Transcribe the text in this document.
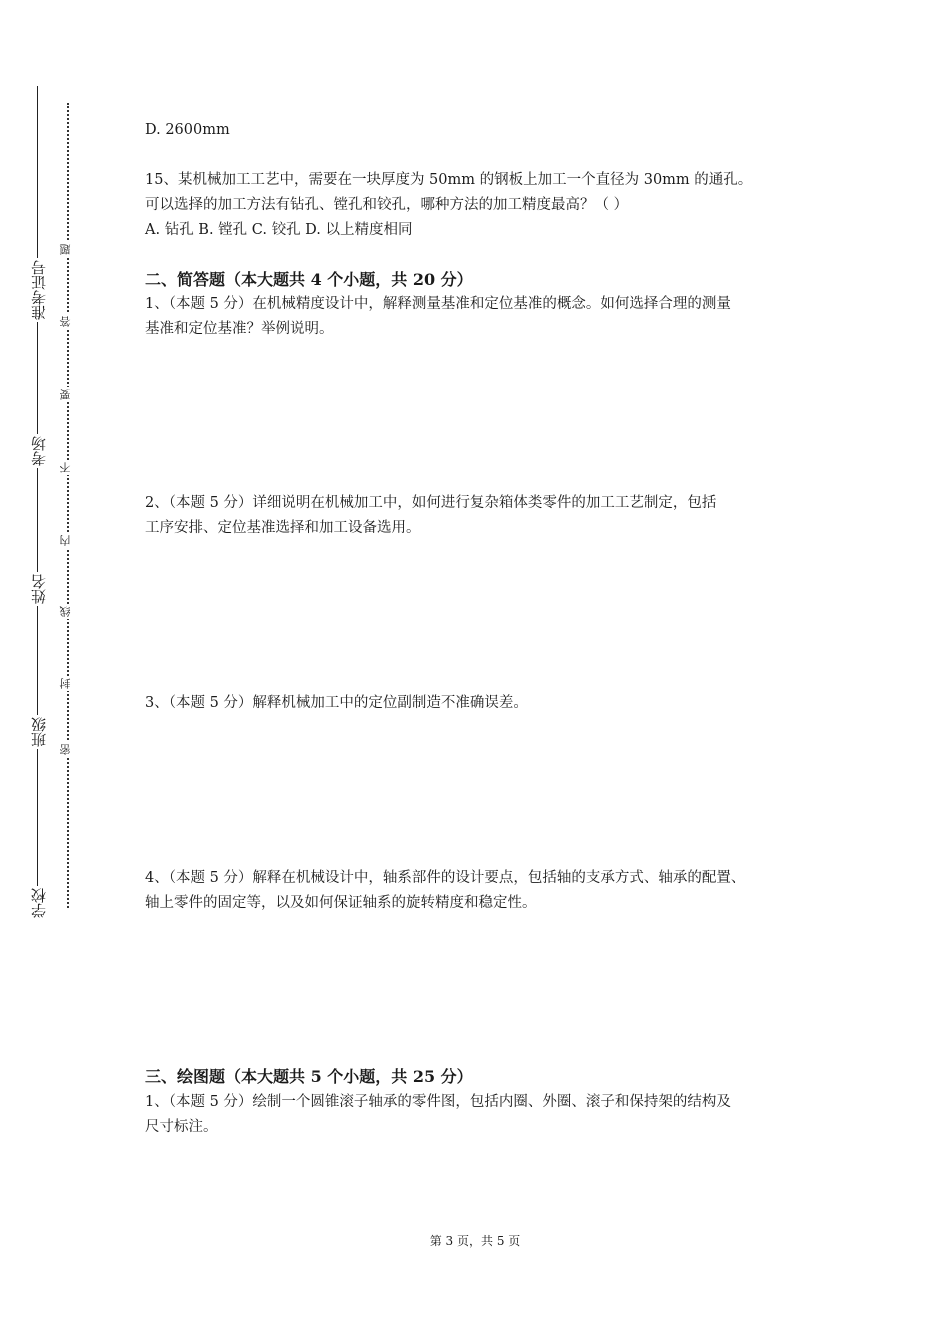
准考证号
考场
姓名
班级
学校
密
封
线
内
不
要
答
题

D. 2600mm

15、某机械加工工艺中，需要在一块厚度为 50mm 的钢板上加工一个直径为 30mm 的通孔。

可以选择的加工方法有钻孔、镗孔和铰孔，哪种方法的加工精度最高？（ ）

A. 钻孔 B. 镗孔 C. 铰孔 D. 以上精度相同

二、简答题（本大题共 4 个小题，共 20 分）

1、（本题 5 分）在机械精度设计中，解释测量基准和定位基准的概念。如何选择合理的测量

基准和定位基准？举例说明。

2、（本题 5 分）详细说明在机械加工中，如何进行复杂箱体类零件的加工工艺制定，包括

工序安排、定位基准选择和加工设备选用。

3、（本题 5 分）解释机械加工中的定位副制造不准确误差。

4、（本题 5 分）解释在机械设计中，轴系部件的设计要点，包括轴的支承方式、轴承的配置、

轴上零件的固定等，以及如何保证轴系的旋转精度和稳定性。

三、绘图题（本大题共 5 个小题，共 25 分）

1、（本题 5 分）绘制一个圆锥滚子轴承的零件图，包括内圈、外圈、滚子和保持架的结构及

尺寸标注。

第 3 页，共 5 页
